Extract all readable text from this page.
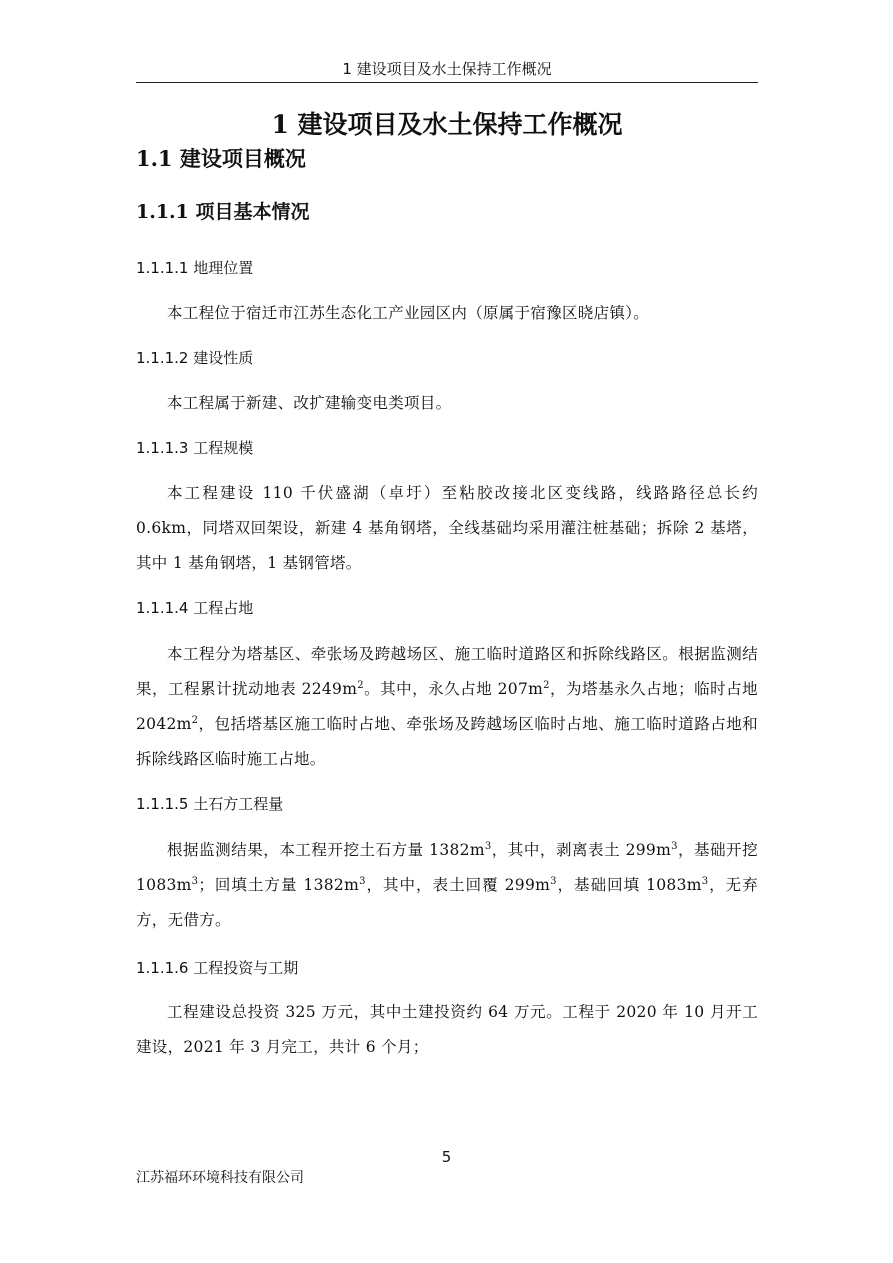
1 建设项目及水土保持工作概况
1 建设项目及水土保持工作概况
1.1 建设项目概况
1.1.1 项目基本情况
1.1.1.1 地理位置
本工程位于宿迁市江苏生态化工产业园区内（原属于宿豫区晓店镇）。
1.1.1.2 建设性质
本工程属于新建、改扩建输变电类项目。
1.1.1.3 工程规模
本工程建设 110 千伏盛湖（卓圩）至粘胶改接北区变线路，线路路径总长约 0.6km，同塔双回架设，新建 4 基角钢塔，全线基础均采用灌注桩基础；拆除 2 基塔，其中 1 基角钢塔，1 基钢管塔。
1.1.1.4 工程占地
本工程分为塔基区、牵张场及跨越场区、施工临时道路区和拆除线路区。根据监测结果，工程累计扰动地表 $2249m^2$。其中，永久占地 $207m^2$，为塔基永久占地；临时占地 $2042m^2$，包括塔基区施工临时占地、牵张场及跨越场区临时占地、施工临时道路占地和拆除线路区临时施工占地。
1.1.1.5 土石方工程量
根据监测结果，本工程开挖土石方量 $1382m^3$，其中，剥离表土 $299m^3$，基础开挖 $1083m^3$；回填土方量 $1382m^3$，其中，表土回覆 $299m^3$，基础回填 $1083m^3$，无弃方，无借方。
1.1.1.6 工程投资与工期
工程建设总投资 325 万元，其中土建投资约 64 万元。工程于 2020 年 10 月开工建设，2021 年 3 月完工，共计 6 个月；
5
江苏福环环境科技有限公司
